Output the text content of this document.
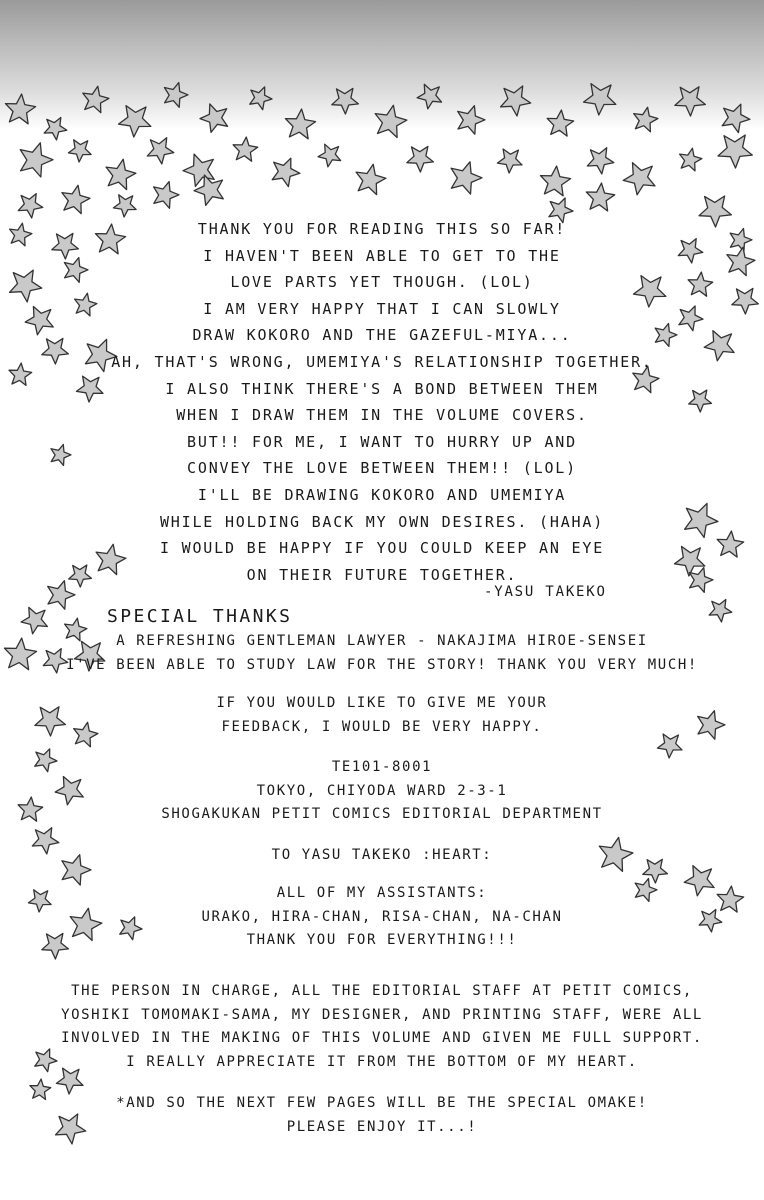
THANK YOU FOR READING THIS SO FAR!
I HAVEN'T BEEN ABLE TO GET TO THE
LOVE PARTS YET THOUGH. (LOL)
I AM VERY HAPPY THAT I CAN SLOWLY
DRAW KOKORO AND THE GAZEFUL-MIYA...
AH, THAT'S WRONG, UMEMIYA'S RELATIONSHIP TOGETHER.
I ALSO THINK THERE'S A BOND BETWEEN THEM
WHEN I DRAW THEM IN THE VOLUME COVERS.
BUT!! FOR ME, I WANT TO HURRY UP AND
CONVEY THE LOVE BETWEEN THEM!! (LOL)
I'LL BE DRAWING KOKORO AND UMEMIYA
WHILE HOLDING BACK MY OWN DESIRES. (HAHA)
I WOULD BE HAPPY IF YOU COULD KEEP AN EYE
ON THEIR FUTURE TOGETHER.
-YASU TAKEKO
SPECIAL THANKS
A REFRESHING GENTLEMAN LAWYER - NAKAJIMA HIROE-SENSEI
I'VE BEEN ABLE TO STUDY LAW FOR THE STORY! THANK YOU VERY MUCH!
IF YOU WOULD LIKE TO GIVE ME YOUR
FEEDBACK, I WOULD BE VERY HAPPY.
TE101-8001
TOKYO, CHIYODA WARD 2-3-1
SHOGAKUKAN PETIT COMICS EDITORIAL DEPARTMENT
TO YASU TAKEKO :HEART:
ALL OF MY ASSISTANTS:
URAKO, HIRA-CHAN, RISA-CHAN, NA-CHAN
THANK YOU FOR EVERYTHING!!!
THE PERSON IN CHARGE, ALL THE EDITORIAL STAFF AT PETIT COMICS,
YOSHIKI TOMOMAKI-SAMA, MY DESIGNER, AND PRINTING STAFF, WERE ALL
INVOLVED IN THE MAKING OF THIS VOLUME AND GIVEN ME FULL SUPPORT.
I REALLY APPRECIATE IT FROM THE BOTTOM OF MY HEART.
*AND SO THE NEXT FEW PAGES WILL BE THE SPECIAL OMAKE!
PLEASE ENJOY IT...!
